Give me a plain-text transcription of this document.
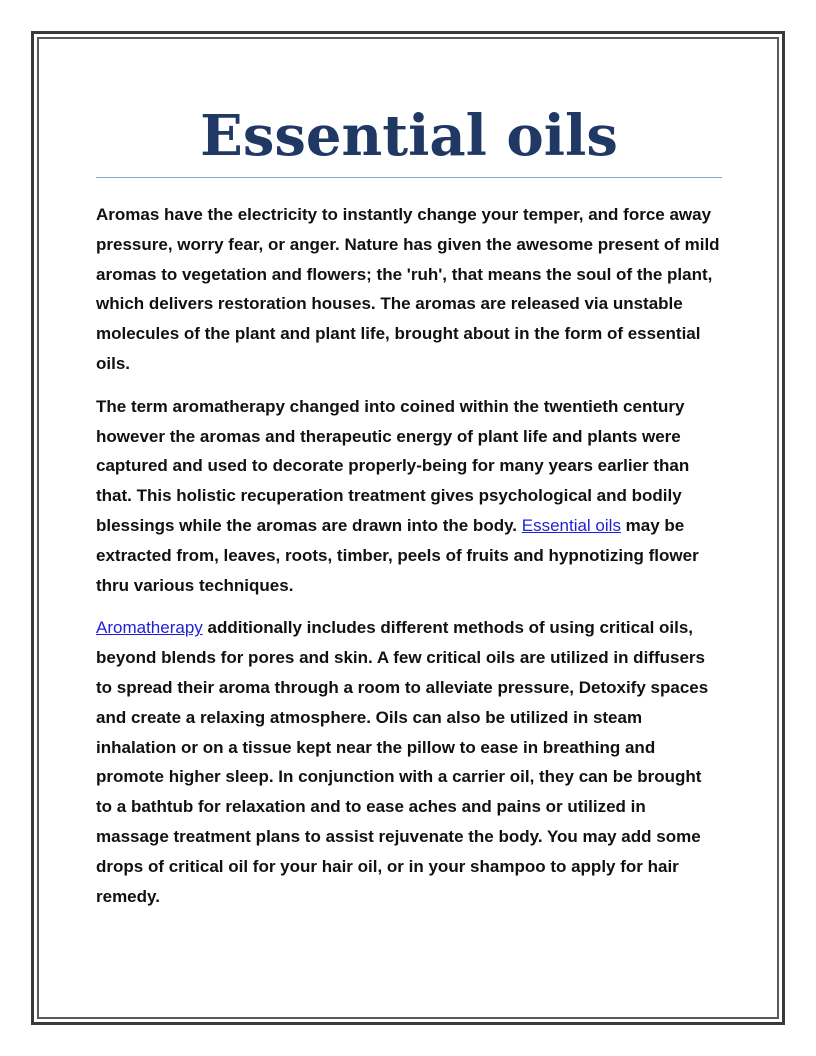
Essential oils

Aromas have the electricity to instantly change your temper, and force away pressure, worry fear, or anger. Nature has given the awesome present of mild aromas to vegetation and flowers; the 'ruh', that means the soul of the plant, which delivers restoration houses. The aromas are released via unstable molecules of the plant and plant life, brought about in the form of essential oils.

The term aromatherapy changed into coined within the twentieth century however the aromas and therapeutic energy of plant life and plants were captured and used to decorate properly-being for many years earlier than that. This holistic recuperation treatment gives psychological and bodily blessings while the aromas are drawn into the body. Essential oils may be extracted from, leaves, roots, timber, peels of fruits and hypnotizing flower thru various techniques.

Aromatherapy additionally includes different methods of using critical oils, beyond blends for pores and skin. A few critical oils are utilized in diffusers to spread their aroma through a room to alleviate pressure, Detoxify spaces and create a relaxing atmosphere. Oils can also be utilized in steam inhalation or on a tissue kept near the pillow to ease in breathing and promote higher sleep. In conjunction with a carrier oil, they can be brought to a bathtub for relaxation and to ease aches and pains or utilized in massage treatment plans to assist rejuvenate the body. You may add some drops of critical oil for your hair oil, or in your shampoo to apply for hair remedy.
